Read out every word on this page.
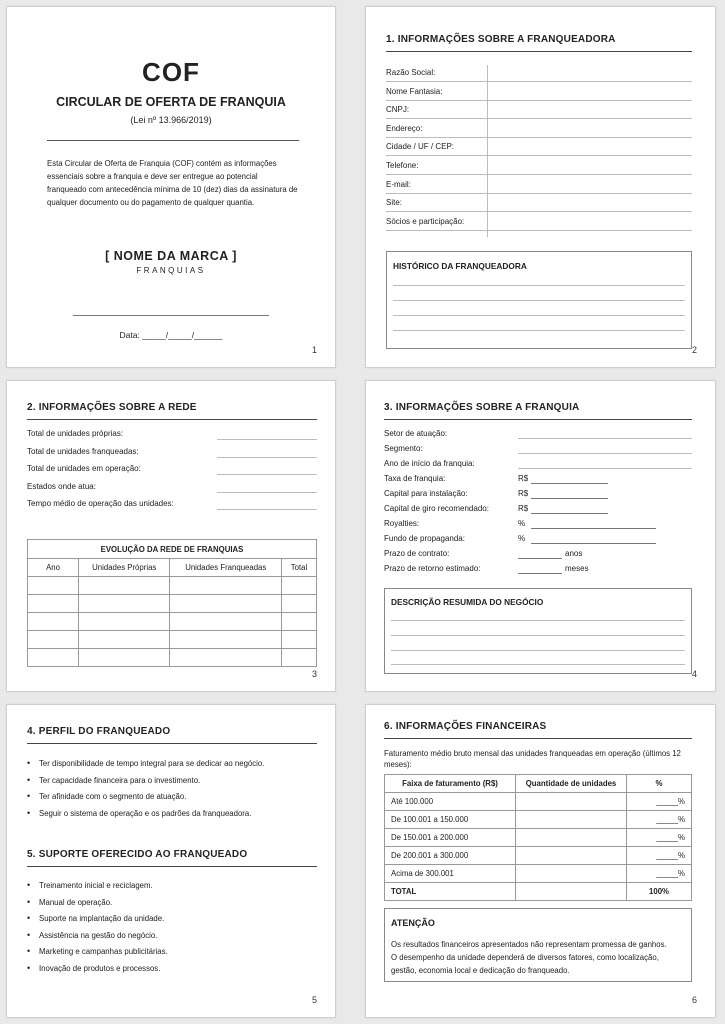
COF
CIRCULAR DE OFERTA DE FRANQUIA
(Lei nº 13.966/2019)
Esta Circular de Oferta de Franquia (COF) contém as informações essenciais sobre a franquia e deve ser entregue ao potencial franqueado com antecedência mínima de 10 (dez) dias da assinatura de qualquer documento ou do pagamento de qualquer quantia.
[ NOME DA MARCA ]
FRANQUIAS
Data: _____/_____/______
1
1. INFORMAÇÕES SOBRE A FRANQUEADORA
Razão Social:
Nome Fantasia:
CNPJ:
Endereço:
Cidade / UF / CEP:
Telefone:
E-mail:
Site:
Sócios e participação:
HISTÓRICO DA FRANQUEADORA
2
2. INFORMAÇÕES SOBRE A REDE
Total de unidades próprias:
Total de unidades franqueadas:
Total de unidades em operação:
Estados onde atua:
Tempo médio de operação das unidades:
EVOLUÇÃO DA REDE DE FRANQUIAS			
Ano	Unidades Próprias	Unidades Franqueadas	Total

3
3. INFORMAÇÕES SOBRE A FRANQUIA
Setor de atuação:
Segmento:
Ano de início da franquia:
Taxa de franquia:	R$
Capital para instalação:	R$
Capital de giro recomendado:	R$
Royalties:	%
Fundo de propaganda:	%
Prazo de contrato:	anos
Prazo de retorno estimado:	meses
DESCRIÇÃO RESUMIDA DO NEGÓCIO
4
4. PERFIL DO FRANQUEADO
• Ter disponibilidade de tempo integral para se dedicar ao negócio.
• Ter capacidade financeira para o investimento.
• Ter afinidade com o segmento de atuação.
• Seguir o sistema de operação e os padrões da franqueadora.
5. SUPORTE OFERECIDO AO FRANQUEADO
• Treinamento inicial e reciclagem.
• Manual de operação.
• Suporte na implantação da unidade.
• Assistência na gestão do negócio.
• Marketing e campanhas publicitárias.
• Inovação de produtos e processos.
5
6. INFORMAÇÕES FINANCEIRAS
Faturamento médio bruto mensal das unidades franqueadas em operação (últimos 12 meses):
Faixa de faturamento (R$)	Quantidade de unidades	%
Até 100.000		_____%
De 100.001 a 150.000		_____%
De 150.001 a 200.000		_____%
De 200.001 a 300.000		_____%
Acima de 300.001		_____%
TOTAL		100%
ATENÇÃO
Os resultados financeiros apresentados não representam promessa de ganhos.
O desempenho da unidade dependerá de diversos fatores, como localização,
gestão, economia local e dedicação do franqueado.
6
